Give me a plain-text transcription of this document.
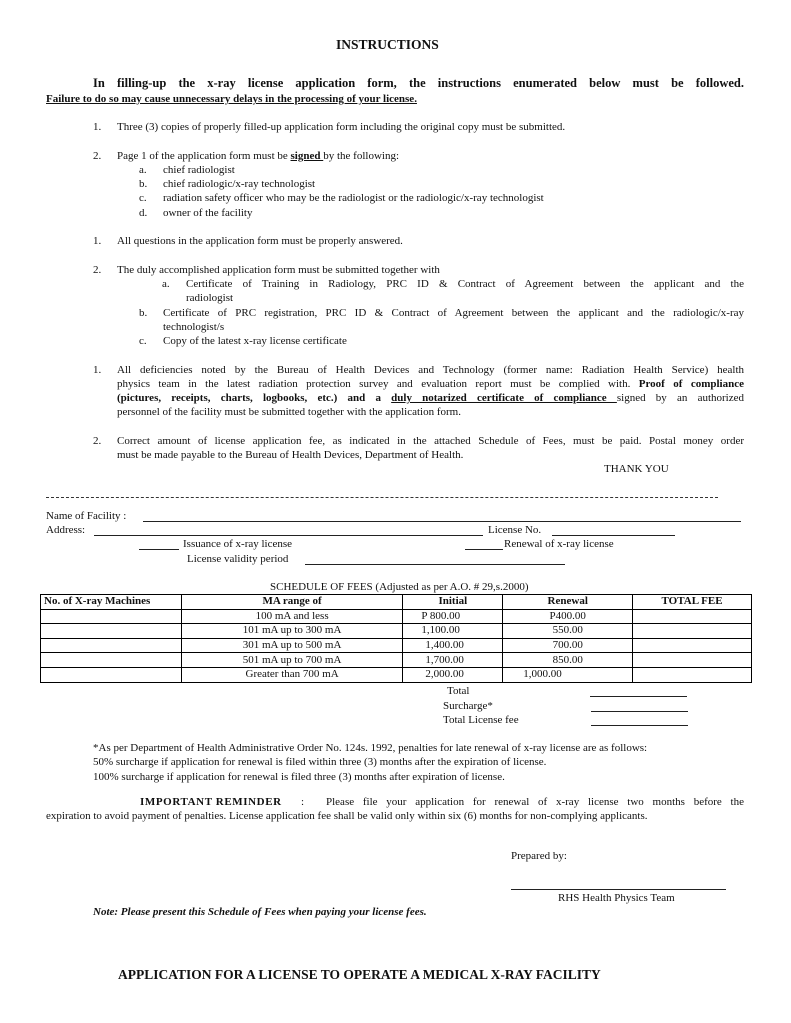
INSTRUCTIONS
In filling-up the x-ray license application form, the instructions enumerated below must be followed.
Failure to do so may cause unnecessary delays in the processing of your license.
1. Three (3) copies of properly filled-up application form including the original copy must be submitted.
2. Page 1 of the application form must be signed by the following:
a. chief radiologist
b. chief radiologic/x-ray technologist
c. radiation safety officer who may be the radiologist or the radiologic/x-ray technologist
d. owner of the facility
1. All questions in the application form must be properly answered.
2. The duly accomplished application form must be submitted together with
a. Certificate of Training in Radiology, PRC ID & Contract of Agreement between the applicant and the
radiologist
b. Certificate of PRC registration, PRC ID & Contract of Agreement between the applicant and the radiologic/x-ray
technologist/s
c. Copy of the latest x-ray license certificate
1. All deficiencies noted by the Bureau of Health Devices and Technology (former name: Radiation Health Service) health
physics team in the latest radiation protection survey and evaluation report must be complied with. Proof of compliance
(pictures, receipts, charts, logbooks, etc.) and a duly notarized certificate of compliance signed by an authorized
personnel of the facility must be submitted together with the application form.
2. Correct amount of license application fee, as indicated in the attached Schedule of Fees, must be paid. Postal money order
must be made payable to the Bureau of Health Devices, Department of Health.
THANK YOU
Name of Facility :
Address:	License No.
Issuance of x-ray license	Renewal of x-ray license
License validity period
SCHEDULE OF FEES (Adjusted as per A.O. # 29,s.2000)
No. of X-ray Machines	MA range of	Initial	Renewal	TOTAL FEE
	100 mA and less	P 800.00	P400.00	
	101 mA up to 300 mA	1,100.00	550.00	
	301 mA up to 500 mA	1,400.00	700.00	
	501 mA up to 700 mA	1,700.00	850.00	
	Greater than 700 mA	2,000.00	1,000.00	
Total
Surcharge*
Total License fee
*As per Department of Health Administrative Order No. 124s. 1992, penalties for late renewal of x-ray license are as follows:
50% surcharge if application for renewal is filed within three (3) months after the expiration of license.
100% surcharge if application for renewal is filed three (3) months after expiration of license.
IMPORTANT REMINDER : Please file your application for renewal of x-ray license two months before the
expiration to avoid payment of penalties. License application fee shall be valid only within six (6) months for non-complying applicants.
Prepared by:
RHS Health Physics Team
Note: Please present this Schedule of Fees when paying your license fees.
APPLICATION FOR A LICENSE TO OPERATE A MEDICAL X-RAY FACILITY
